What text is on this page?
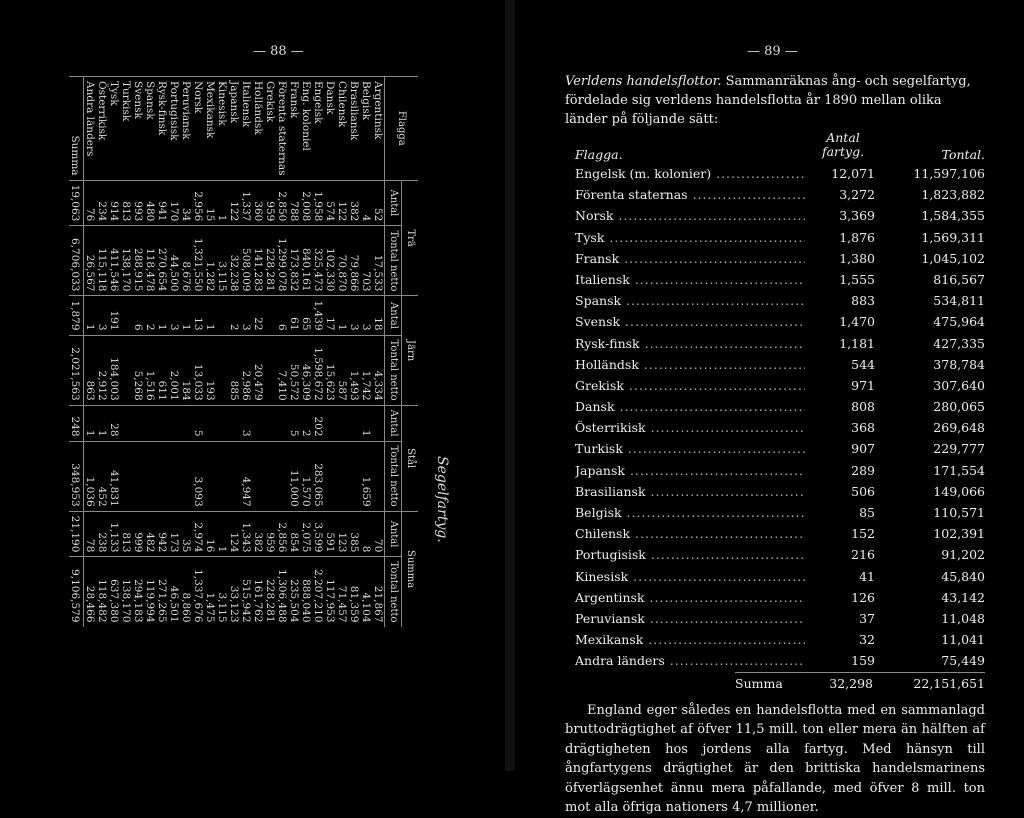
— 88 —
Segelfartyg.
Flagga	Trä		Järn		Stål		Summa	
	Antal	Tontal netto	Antal	Tontal netto	Antal	Tontal netto	Antal	Tontal netto
Argentinsk	52	17,533	18	4,334			70	21,867
Belgisk	4	703	3	1,742	1	1,659	8	4,104
Brasiliansk	382	79,866	3	1,493			385	81,359
Chilensk	122	70,870	1	587			123	71,457
Dansk	574	102,330	17	15,623			591	117,953
Engelsk	1,958	325,473	1,439	1,598,672	202	283,065	3,599	2,207,210
Eng. koloniel	2,008	840,161	65	46,309	2	1,570	2,075	888,040
Fransk	788	173,832	61	50,572	5	11,000	854	235,504
Förenta staternas	2,850	1,299,078	6	7,410			2,856	1,306,488
Grekisk	959	228,281					959	228,281
Holländsk	360	141,283	22	20,479			382	161,762
Italiensk	1,337	508,009	3	2,986	3	4,947	1,343	515,942
Japansk	122	32,238	2	885			124	33,123
Kinesisk	1	3,115					1	3,115
Mexikansk	15	1,282	1	193			16	1,475
Norsk	2,956	1,321,550	13	13,033	5	3,093	2,974	1,337,676
Peruviansk	34	8,676	1	184			35	8,860
Portugisisk	170	44,500	3	2,001			173	46,501
Rysk-finsk	941	270,654	1	611			942	271,265
Spansk	480	118,478	2	1,516			482	119,994
Svensk	993	288,915	6	5,268			999	294,183
Turkisk	813	138,170					813	138,170
Tysk	914	411,546	191	184,003	28	41,831	1,133	637,380
Österrikisk	234	115,118	3	2,912	1	452	238	118,482
Andra länders	76	26,567	1	863	1	1,036	78	28,466
Summa	19,063	6,706,033	1,879	2,021,563	248	348,953	21,190	9,106,579
— 89 —
Verldens handelsflottor. Sammanräknas ång- och segelfartyg, fördelade sig verldens handelsflotta år 1890 mellan olika länder på följande sätt:
Flagga.
Antal fartyg.	Tontal.
Engelsk (m. kolonier) .....	12,071	11,597,106
Förenta staternas .....	3,272	1,823,882
Norsk .....	3,369	1,584,355
Tysk .....	1,876	1,569,311
Fransk .....	1,380	1,045,102
Italiensk .....	1,555	816,567
Spansk .....	883	534,811
Svensk .....	1,470	475,964
Rysk-finsk .....	1,181	427,335
Holländsk .....	544	378,784
Grekisk .....	971	307,640
Dansk .....	808	280,065
Österrikisk .....	368	269,648
Turkisk .....	907	229,777
Japansk .....	289	171,554
Brasiliansk .....	506	149,066
Belgisk .....	85	110,571
Chilensk .....	152	102,391
Portugisisk .....	216	91,202
Kinesisk .....	41	45,840
Argentinsk .....	126	43,142
Peruviansk .....	37	11,048
Mexikansk .....	32	11,041
Andra länders .....	159	75,449
Summa	32,298	22,151,651
England eger således en handelsflotta med en sammanlagd bruttodrägtighet af öfver 11,5 mill. ton eller mera än hälften af drägtigheten hos jordens alla fartyg. Med hänsyn till ångfartygens drägtighet är den brittiska handelsmarinens öfverlägsenhet ännu mera påfallande, med öfver 8 mill. ton mot alla öfriga nationers 4,7 millioner.
